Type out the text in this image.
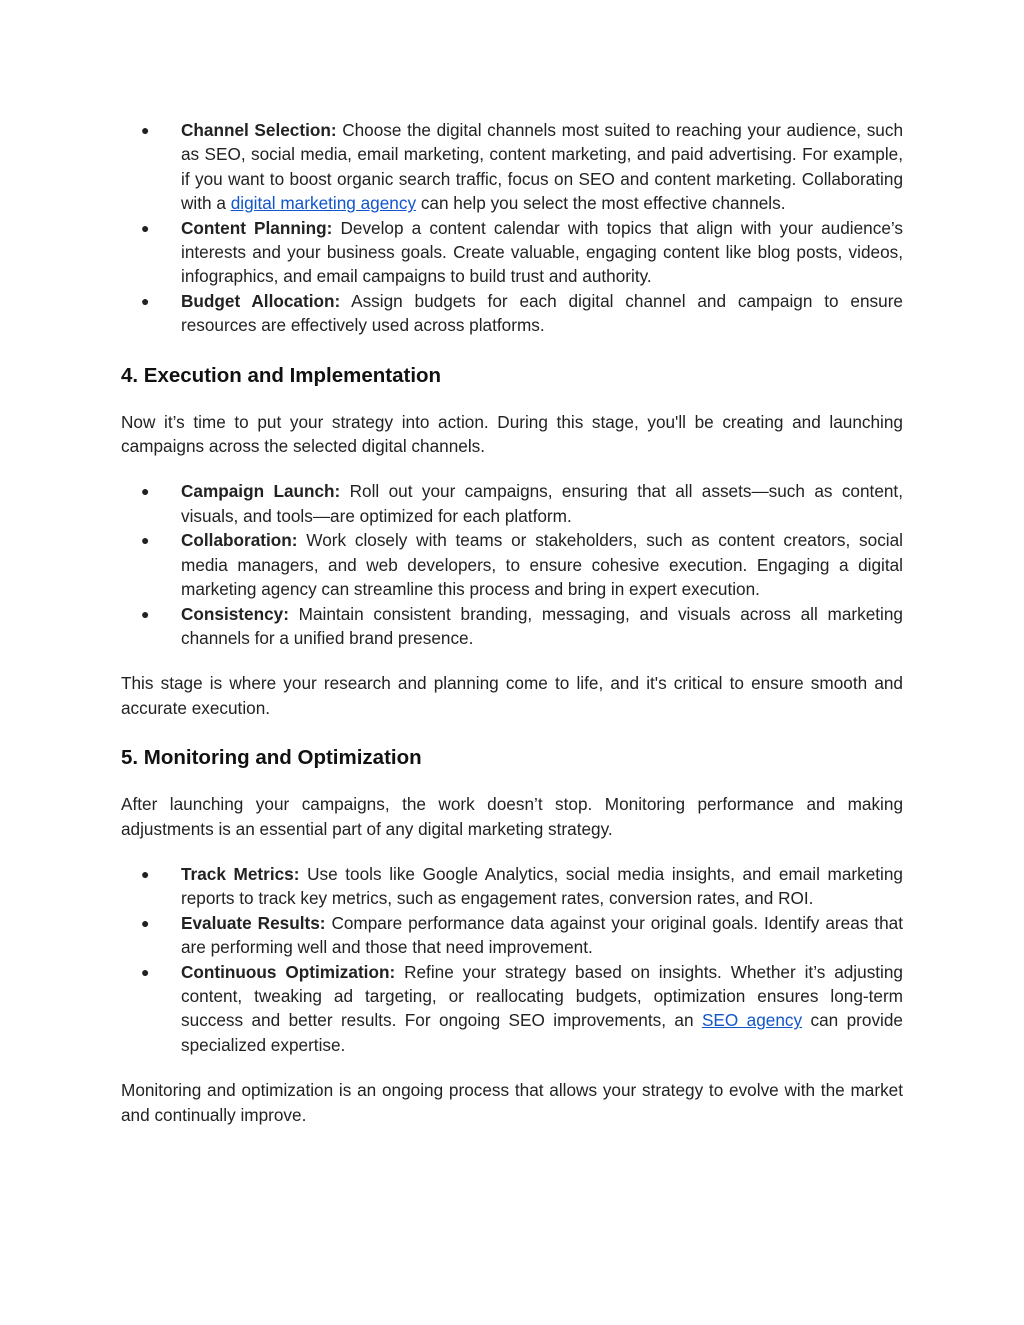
● Channel Selection: Choose the digital channels most suited to reaching your audience, such as SEO, social media, email marketing, content marketing, and paid advertising. For example, if you want to boost organic search traffic, focus on SEO and content marketing. Collaborating with a digital marketing agency can help you select the most effective channels.
● Content Planning: Develop a content calendar with topics that align with your audience’s interests and your business goals. Create valuable, engaging content like blog posts, videos, infographics, and email campaigns to build trust and authority.
● Budget Allocation: Assign budgets for each digital channel and campaign to ensure resources are effectively used across platforms.
4. Execution and Implementation

Now it’s time to put your strategy into action. During this stage, you'll be creating and launching campaigns across the selected digital channels.

● Campaign Launch: Roll out your campaigns, ensuring that all assets—such as content, visuals, and tools—are optimized for each platform.
● Collaboration: Work closely with teams or stakeholders, such as content creators, social media managers, and web developers, to ensure cohesive execution. Engaging a digital marketing agency can streamline this process and bring in expert execution.
● Consistency: Maintain consistent branding, messaging, and visuals across all marketing channels for a unified brand presence.

This stage is where your research and planning come to life, and it's critical to ensure smooth and accurate execution.

5. Monitoring and Optimization

After launching your campaigns, the work doesn’t stop. Monitoring performance and making adjustments is an essential part of any digital marketing strategy.

● Track Metrics: Use tools like Google Analytics, social media insights, and email marketing reports to track key metrics, such as engagement rates, conversion rates, and ROI.
● Evaluate Results: Compare performance data against your original goals. Identify areas that are performing well and those that need improvement.
● Continuous Optimization: Refine your strategy based on insights. Whether it’s adjusting content, tweaking ad targeting, or reallocating budgets, optimization ensures long-term success and better results. For ongoing SEO improvements, an SEO agency can provide specialized expertise.

Monitoring and optimization is an ongoing process that allows your strategy to evolve with the market and continually improve.
